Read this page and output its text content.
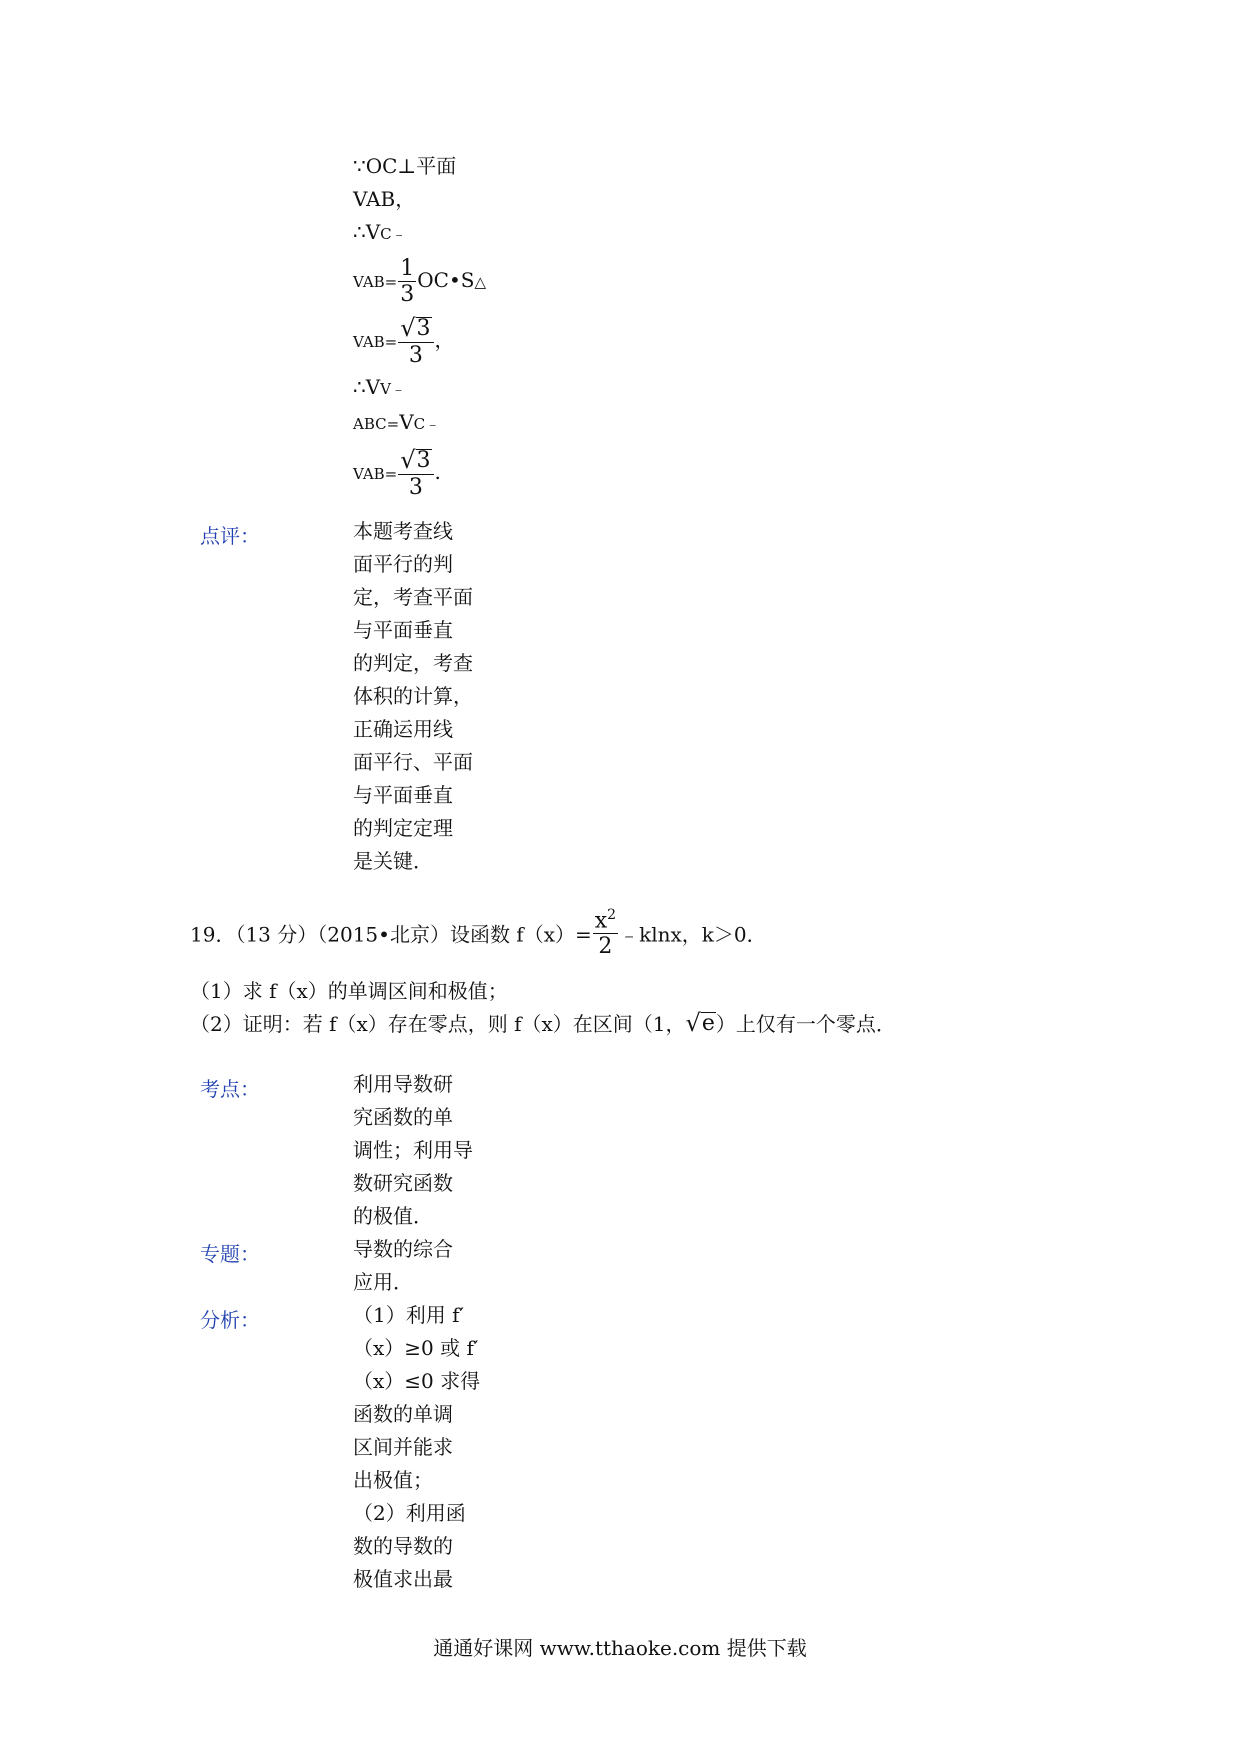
∵OC⊥平面
VAB，
∴VC﹣
$VAB= \frac{1}{3}$ OC•S△
$VAB= \frac{√ 3}{3}$ ，
∴VV﹣
ABC=VC﹣
$VAB= \frac{√ 3}{3}$ .
点评：	本题考查线
面平行的判
定，考查平面
与平面垂直
的判定，考查
体积的计算，
正确运用线
面平行、平面
与平面垂直
的判定定理
是关键．
19．（13 分）（2015•北京）设函数 $f(x)= \frac{x^2}{2}$ ﹣klnx，k＞0．
（1）求 f（x）的单调区间和极值；
（2）证明：若 f（x）存在零点，则 f（x）在区间（1， √ e ）上仅有一个零点．
考点：	利用导数研
究函数的单
调性；利用导
数研究函数
的极值．
专题：	导数的综合
应用．
分析：	（1）利用 f′
（x）≥0 或 f′
（x）≤0 求得
函数的单调
区间并能求
出极值；
（2）利用函
数的导数的
极值求出最
通通好课网 www.tthaoke.com 提供下载
